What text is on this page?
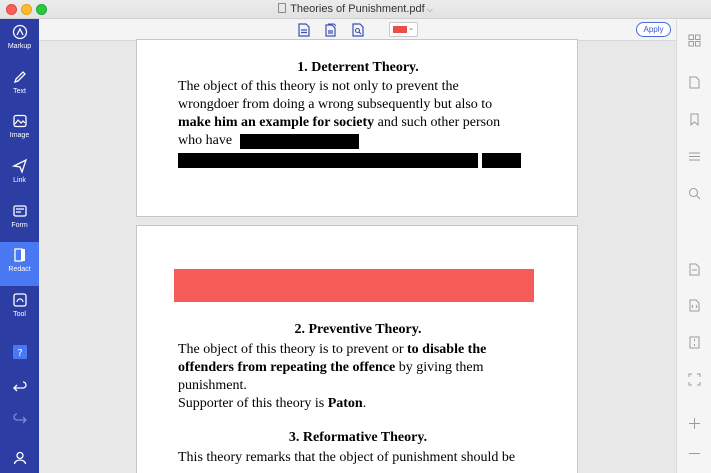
Theories of Punishment.pdf ⌵
⌄	Apply
Markup
Text
Image
Link
Form
Redact
Tool
?
1. Deterrent Theory.
The object of this theory is not only to prevent the
wrongdoer from doing a wrong subsequently but also to
make him an example for society and such other person
who have
2. Preventive Theory.
The object of this theory is to prevent or to disable the
offenders from repeating the offence by giving them
punishment.
Supporter of this theory is Paton.
3. Reformative Theory.
This theory remarks that the object of punishment should be
